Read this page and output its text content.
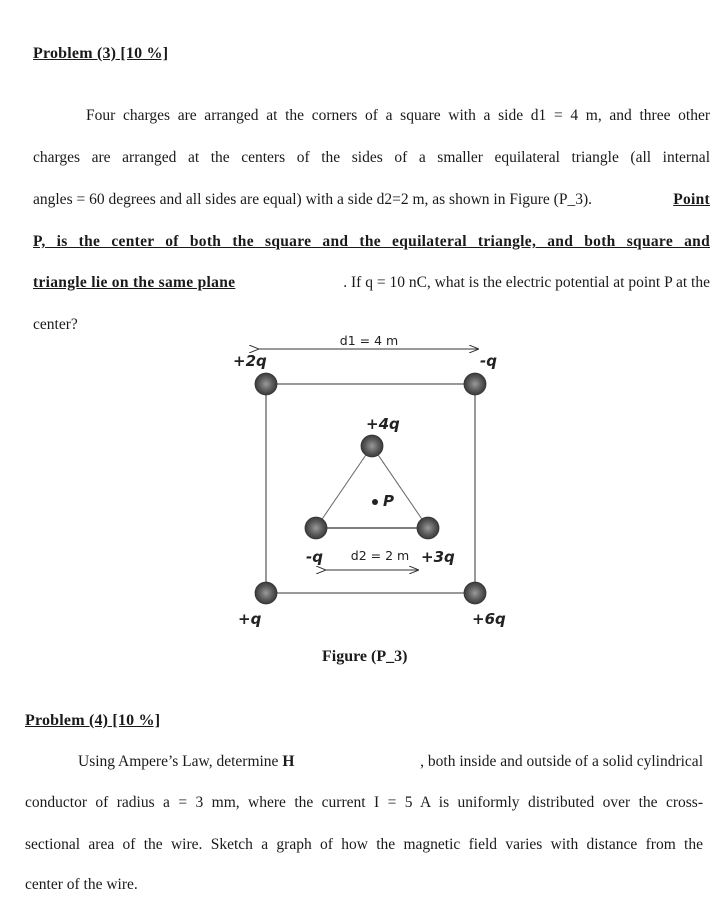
Problem (3) [10 %]
Four charges are arranged at the corners of a square with a side d1 = 4 m, and three other
charges are arranged at the centers of the sides of a smaller equilateral triangle (all internal
angles = 60 degrees and all sides are equal) with a side d2=2 m, as shown in Figure (P_3).	Point
P, is the center of both the square and the equilateral triangle, and both square and
triangle lie on the same plane	. If q = 10 nC, what is the electric potential at point P at the
center?
d1 = 4 m
d2 = 2 m
+2q	-q
+q	+6q
+4q
-q	+3q
P
Figure (P_3)
Problem (4) [10 %]
Using Ampere’s Law, determine H	, both inside and outside of a solid cylindrical
conductor of radius a = 3 mm, where the current I = 5 A is uniformly distributed over the cross-
sectional area of the wire. Sketch a graph of how the magnetic field varies with distance from the
center of the wire.
